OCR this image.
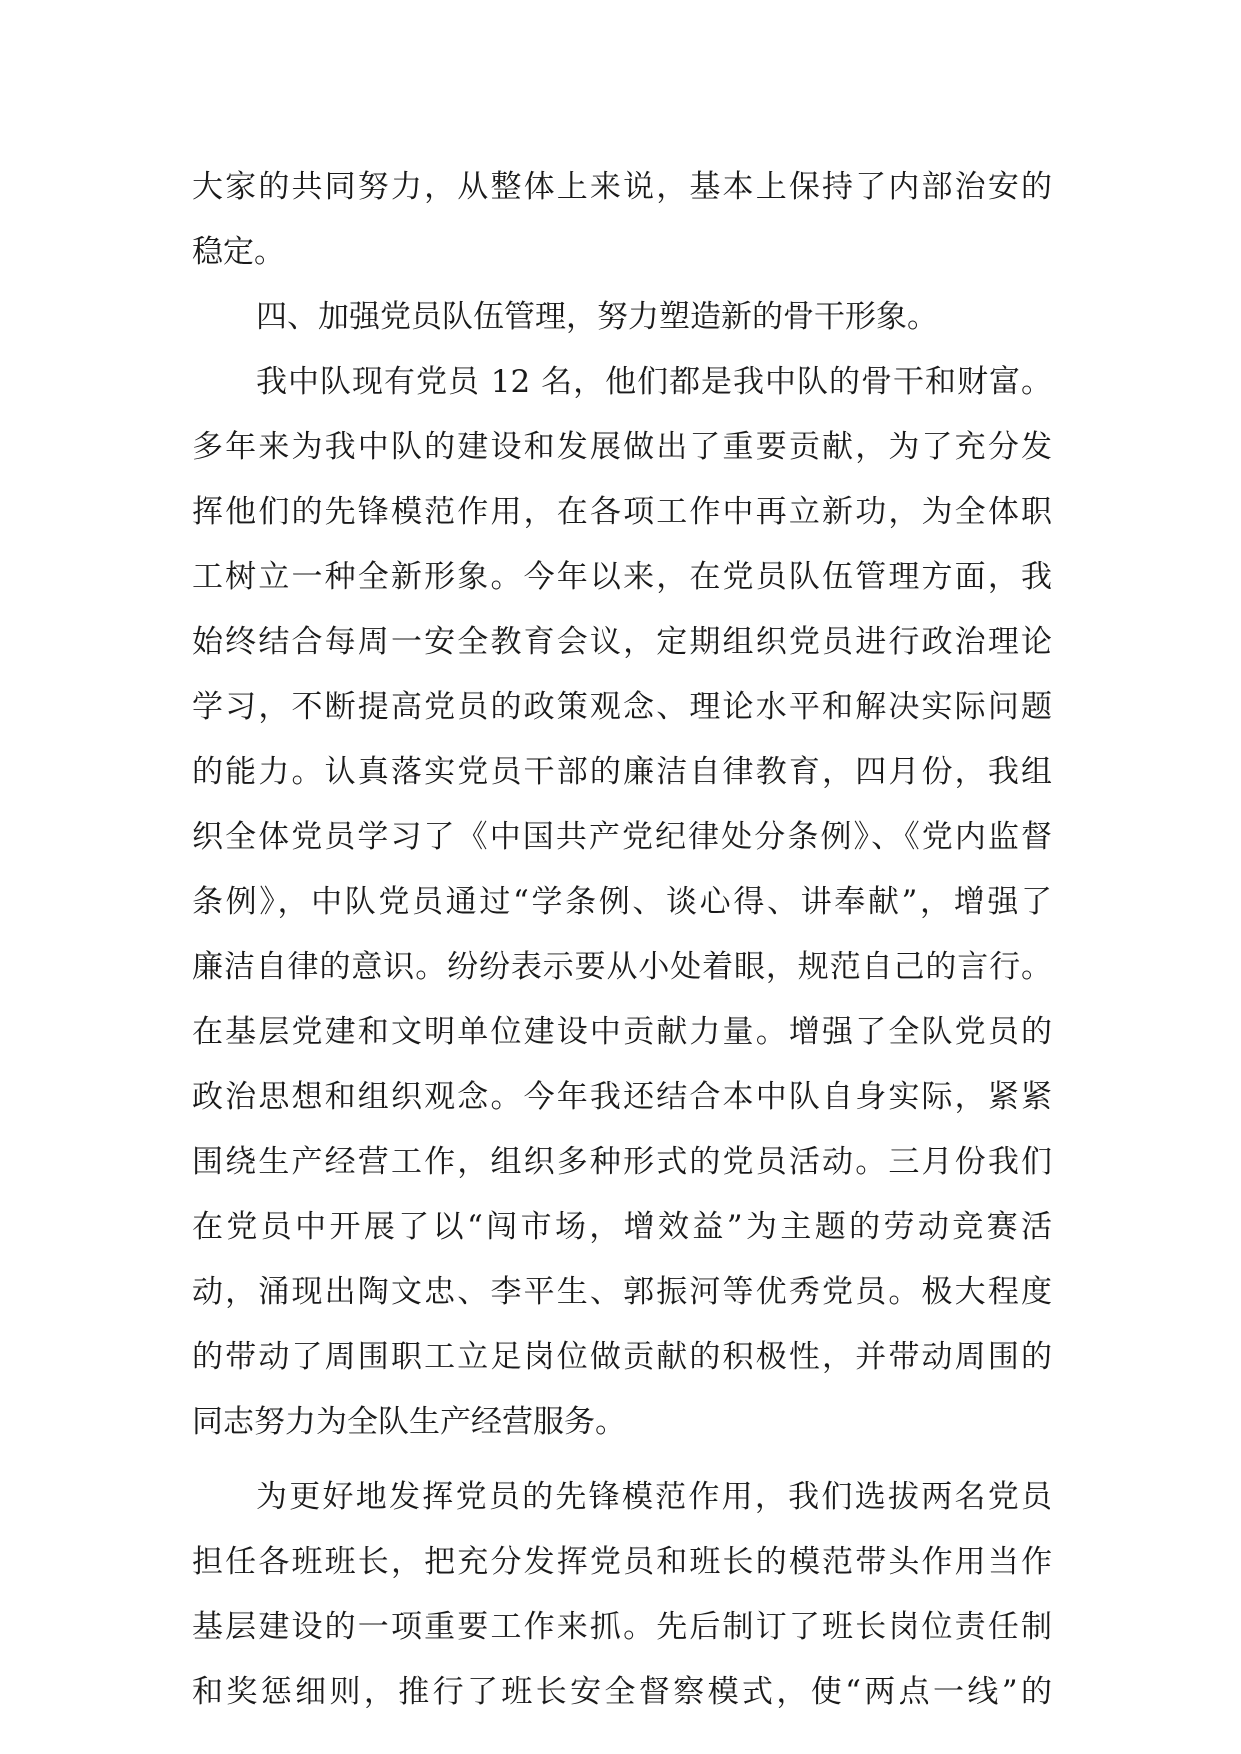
大家的共同努力，从整体上来说，基本上保持了内部治安的
稳定。
四、加强党员队伍管理，努力塑造新的骨干形象。
我中队现有党员 12 名，他们都是我中队的骨干和财富。
多年来为我中队的建设和发展做出了重要贡献，为了充分发
挥他们的先锋模范作用，在各项工作中再立新功，为全体职
工树立一种全新形象。今年以来，在党员队伍管理方面，我
始终结合每周一安全教育会议，定期组织党员进行政治理论
学习，不断提高党员的政策观念、理论水平和解决实际问题
的能力。认真落实党员干部的廉洁自律教育，四月份，我组
织全体党员学习了《中国共产党纪律处分条例》、《党内监督
条例》，中队党员通过“学条例、谈心得、讲奉献”，增强了
廉洁自律的意识。纷纷表示要从小处着眼，规范自己的言行。
在基层党建和文明单位建设中贡献力量。增强了全队党员的
政治思想和组织观念。今年我还结合本中队自身实际，紧紧
围绕生产经营工作，组织多种形式的党员活动。三月份我们
在党员中开展了以“闯市场，增效益”为主题的劳动竞赛活
动，涌现出陶文忠、李平生、郭振河等优秀党员。极大程度
的带动了周围职工立足岗位做贡献的积极性，并带动周围的
同志努力为全队生产经营服务。
为更好地发挥党员的先锋模范作用，我们选拔两名党员
担任各班班长，把充分发挥党员和班长的模范带头作用当作
基层建设的一项重要工作来抓。先后制订了班长岗位责任制
和奖惩细则，推行了班长安全督察模式，使“两点一线”的
